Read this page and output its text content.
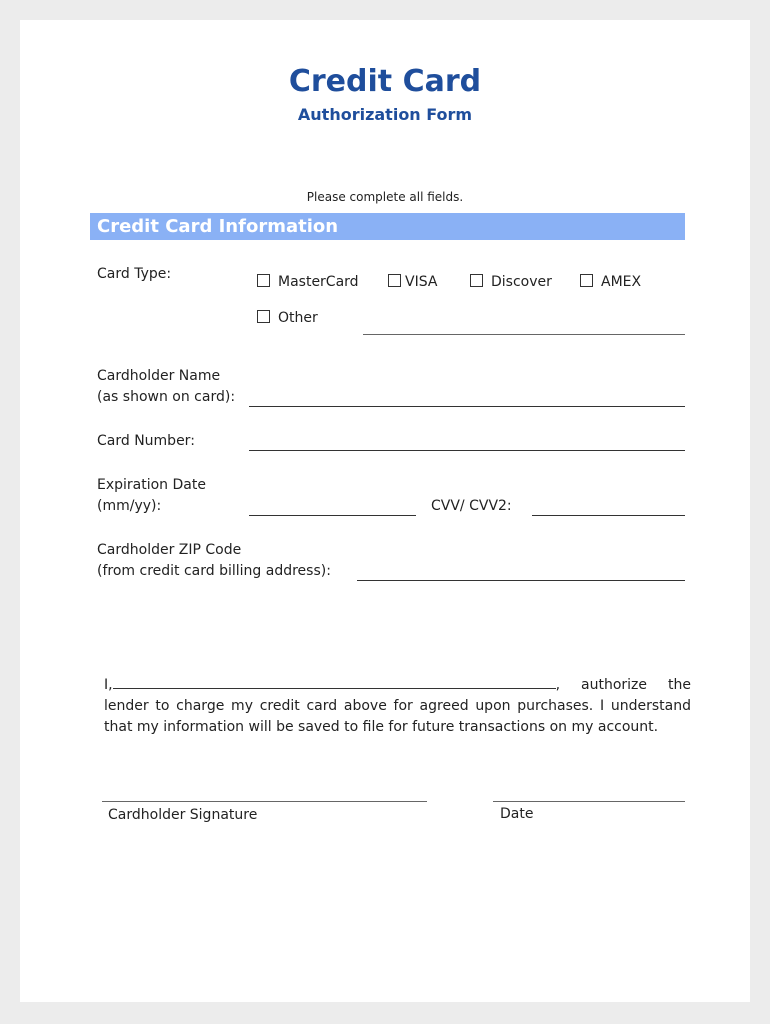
Credit Card
Authorization Form
Please complete all fields.
Credit Card Information
Card Type:	MasterCard	VISA	Discover	AMEX
Other
Cardholder Name
(as shown on card):
Card Number:
Expiration Date
(mm/yy):	CVV/ CVV2:
Cardholder ZIP Code
(from credit card billing address):
I,	, authorize the lender to charge my credit card above for agreed upon purchases. I understand that my information will be saved to file for future transactions on my account.
Cardholder Signature	Date
